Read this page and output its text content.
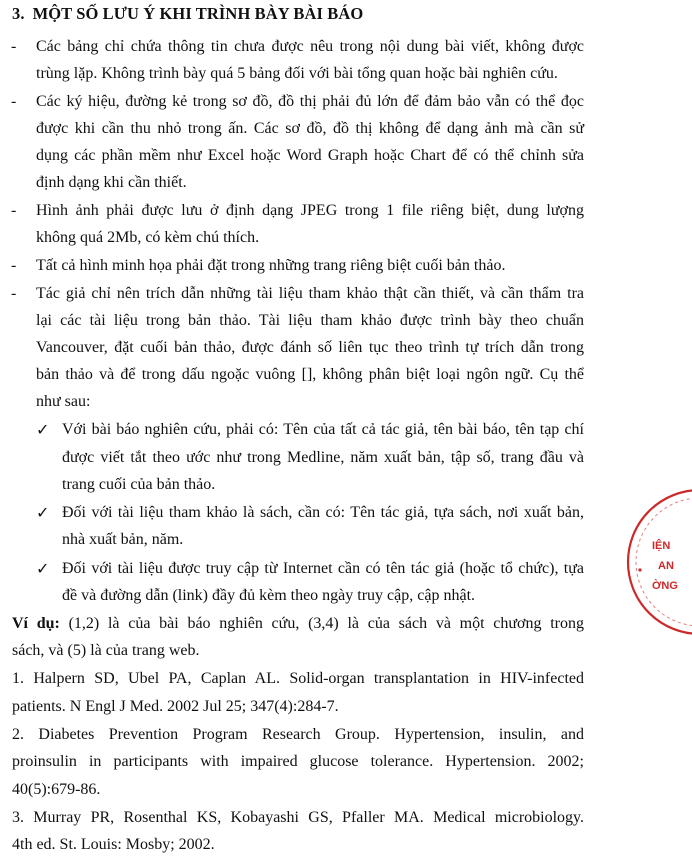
3. MỘT SỐ LƯU Ý KHI TRÌNH BÀY BÀI BÁO
- Các bảng chỉ chứa thông tin chưa được nêu trong nội dung bài viết, không được
trùng lặp. Không trình bày quá 5 bảng đối với bài tổng quan hoặc bài nghiên cứu.
- Các ký hiệu, đường kẻ trong sơ đồ, đồ thị phải đủ lớn để đảm bảo vẫn có thể đọc
được khi cần thu nhỏ trong ấn. Các sơ đồ, đồ thị không để dạng ảnh mà cần sử
dụng các phần mềm như Excel hoặc Word Graph hoặc Chart để có thể chỉnh sửa
định dạng khi cần thiết.
- Hình ảnh phải được lưu ở định dạng JPEG trong 1 file riêng biệt, dung lượng
không quá 2Mb, có kèm chú thích.
- Tất cả hình minh họa phải đặt trong những trang riêng biệt cuối bản thảo.
- Tác giả chỉ nên trích dẫn những tài liệu tham khảo thật cần thiết, và cần thẩm tra
lại các tài liệu trong bản thảo. Tài liệu tham khảo được trình bày theo chuẩn
Vancouver, đặt cuối bản thảo, được đánh số liên tục theo trình tự trích dẫn trong
bản thảo và để trong dấu ngoặc vuông [], không phân biệt loại ngôn ngữ. Cụ thể
như sau:
✓ Với bài báo nghiên cứu, phải có: Tên của tất cả tác giả, tên bài báo, tên tạp chí
được viết tắt theo ước như trong Medline, năm xuất bản, tập số, trang đầu và
trang cuối của bản thảo.
✓ Đối với tài liệu tham khảo là sách, cần có: Tên tác giả, tựa sách, nơi xuất bản,
nhà xuất bản, năm.
✓ Đối với tài liệu được truy cập từ Internet cần có tên tác giả (hoặc tổ chức), tựa
đề và đường dẫn (link) đầy đủ kèm theo ngày truy cập, cập nhật.
Ví dụ: (1,2) là của bài báo nghiên cứu, (3,4) là của sách và một chương trong
sách, và (5) là của trang web.
1. Halpern SD, Ubel PA, Caplan AL. Solid-organ transplantation in HIV-infected
patients. N Engl J Med. 2002 Jul 25; 347(4):284-7.
2. Diabetes Prevention Program Research Group. Hypertension, insulin, and
proinsulin in participants with impaired glucose tolerance. Hypertension. 2002;
40(5):679-86.
3. Murray PR, Rosenthal KS, Kobayashi GS, Pfaller MA. Medical microbiology.
4th ed. St. Louis: Mosby; 2002.
IỆN
AN
ỜNG
